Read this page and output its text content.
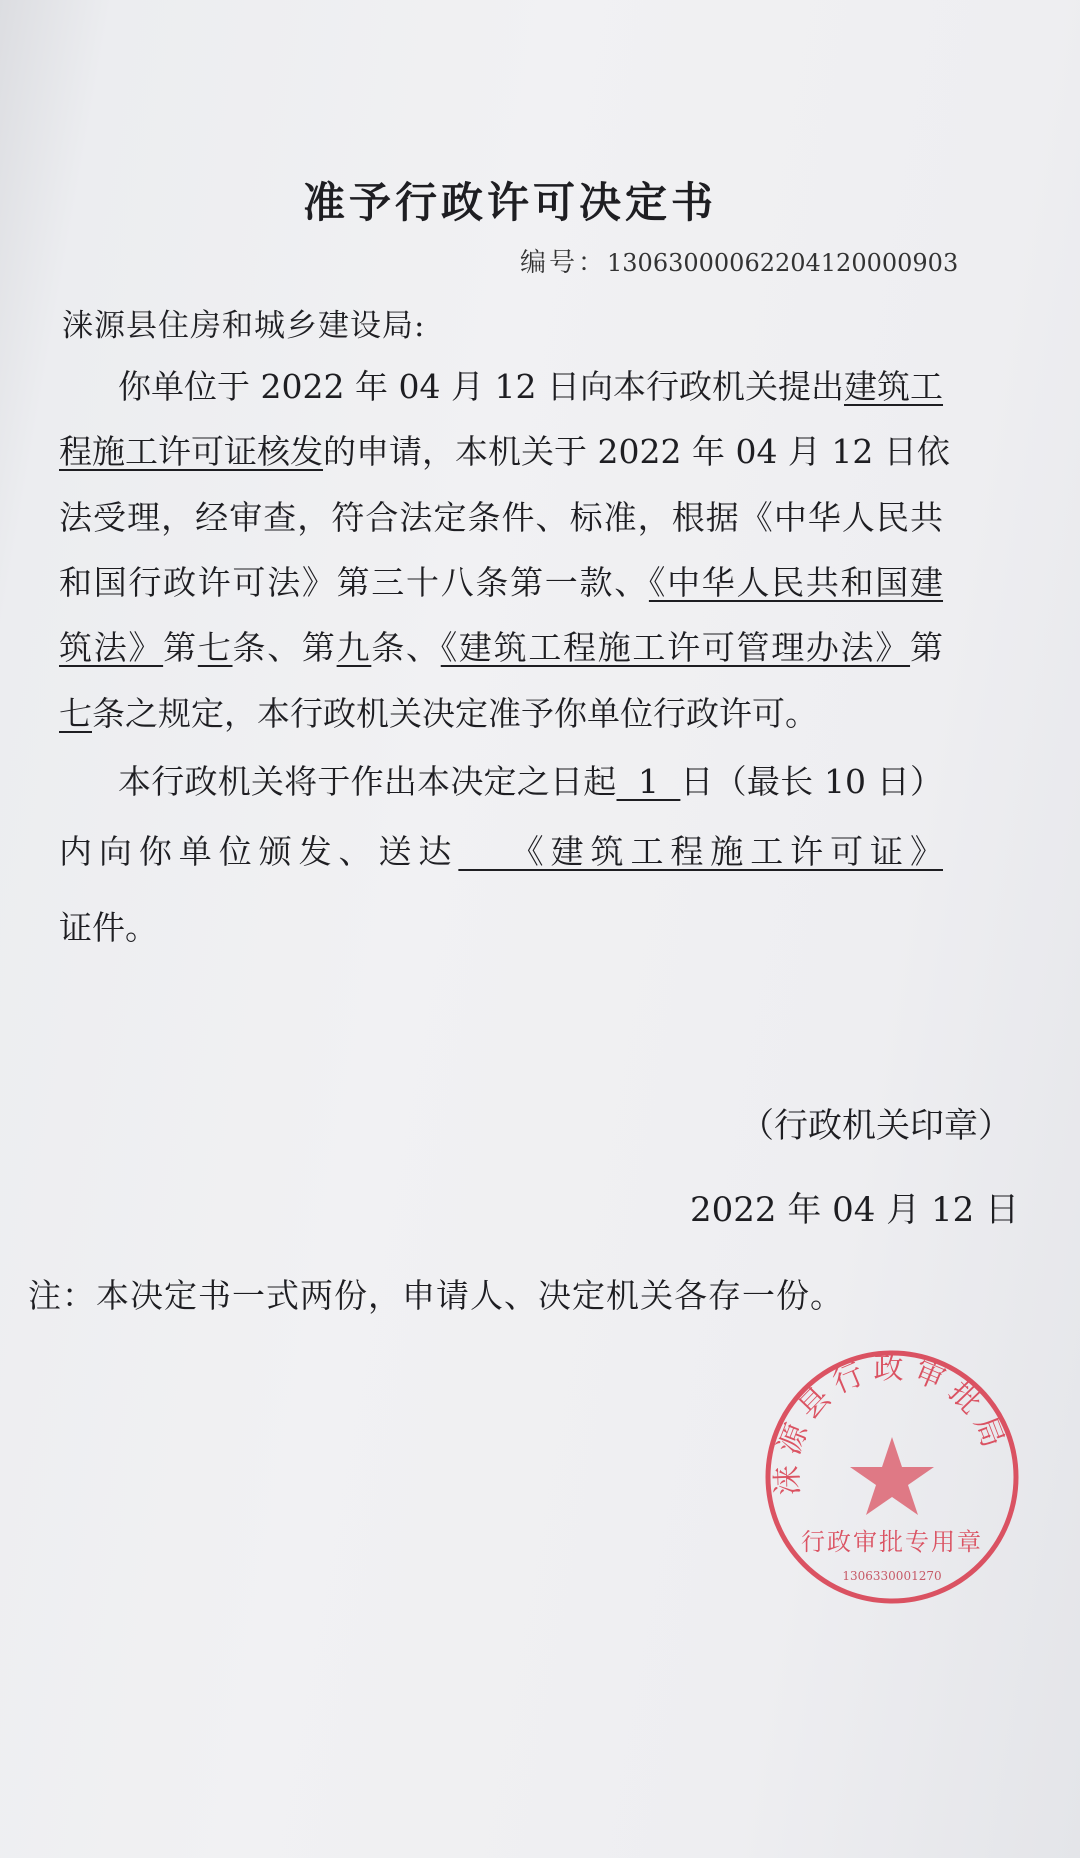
准予行政许可决定书
编号：13063000062204120000903
涞源县住房和城乡建设局:
你单位于 2022 年 04 月 12 日向本行政机关提出建筑工
程施工许可证核发的申请，本机关于 2022 年 04 月 12 日依
法受理，经审查，符合法定条件、标准，根据《中华人民共
和国行政许可法》第三十八条第一款、《中华人民共和国建
筑法》第七条、第九条、《建筑工程施工许可管理办法》第
七条之规定，本行政机关决定准予你单位行政许可。
本行政机关将于作出本决定之日起  1  日（最长 10 日）
内向你单位颁发、送达   《建筑工程施工许可证》
证件。
涞源县行政审批局
行政审批专用章
1306330001270
（行政机关印章）
2022 年 04 月 12 日
注：本决定书一式两份，申请人、决定机关各存一份。
